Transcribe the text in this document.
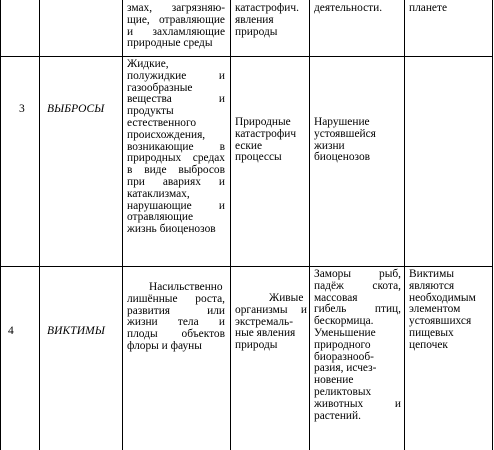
змах, загрязняю-

щие, отравляющие

и захламляющие

природные среды

катастрофич.

явления

природы

деятельности.	планете

3 ВЫБРОСЫ

Жидкие,

полужидкие и

газообразные

вещества и

продукты

естественного

происхождения,

возникающие в

природных средах

в виде выбросов

при авариях и

катаклизмах,

нарушающие и

отравляющие

жизнь биоценозов

Природные

катастрофич

еские

процессы

Нарушение

устоявшейся

жизни

биоценозов

4	ВИКТИМЫ

Насильственно

лишённые роста,

развития или

жизни тела и

плоды объектов

флоры и фауны

Живые

организмы и

экстремаль-

ные явления

природы

Заморы рыб,

падёж скота,

массовая

гибель птиц,

бескормица.

Уменьшение

природного

биоразнооб-

разия, исчез-

новение

реликтовых

животных и

растений.

Виктимы

являются

необходимым

элементом

устоявшихся

пищевых

цепочек
